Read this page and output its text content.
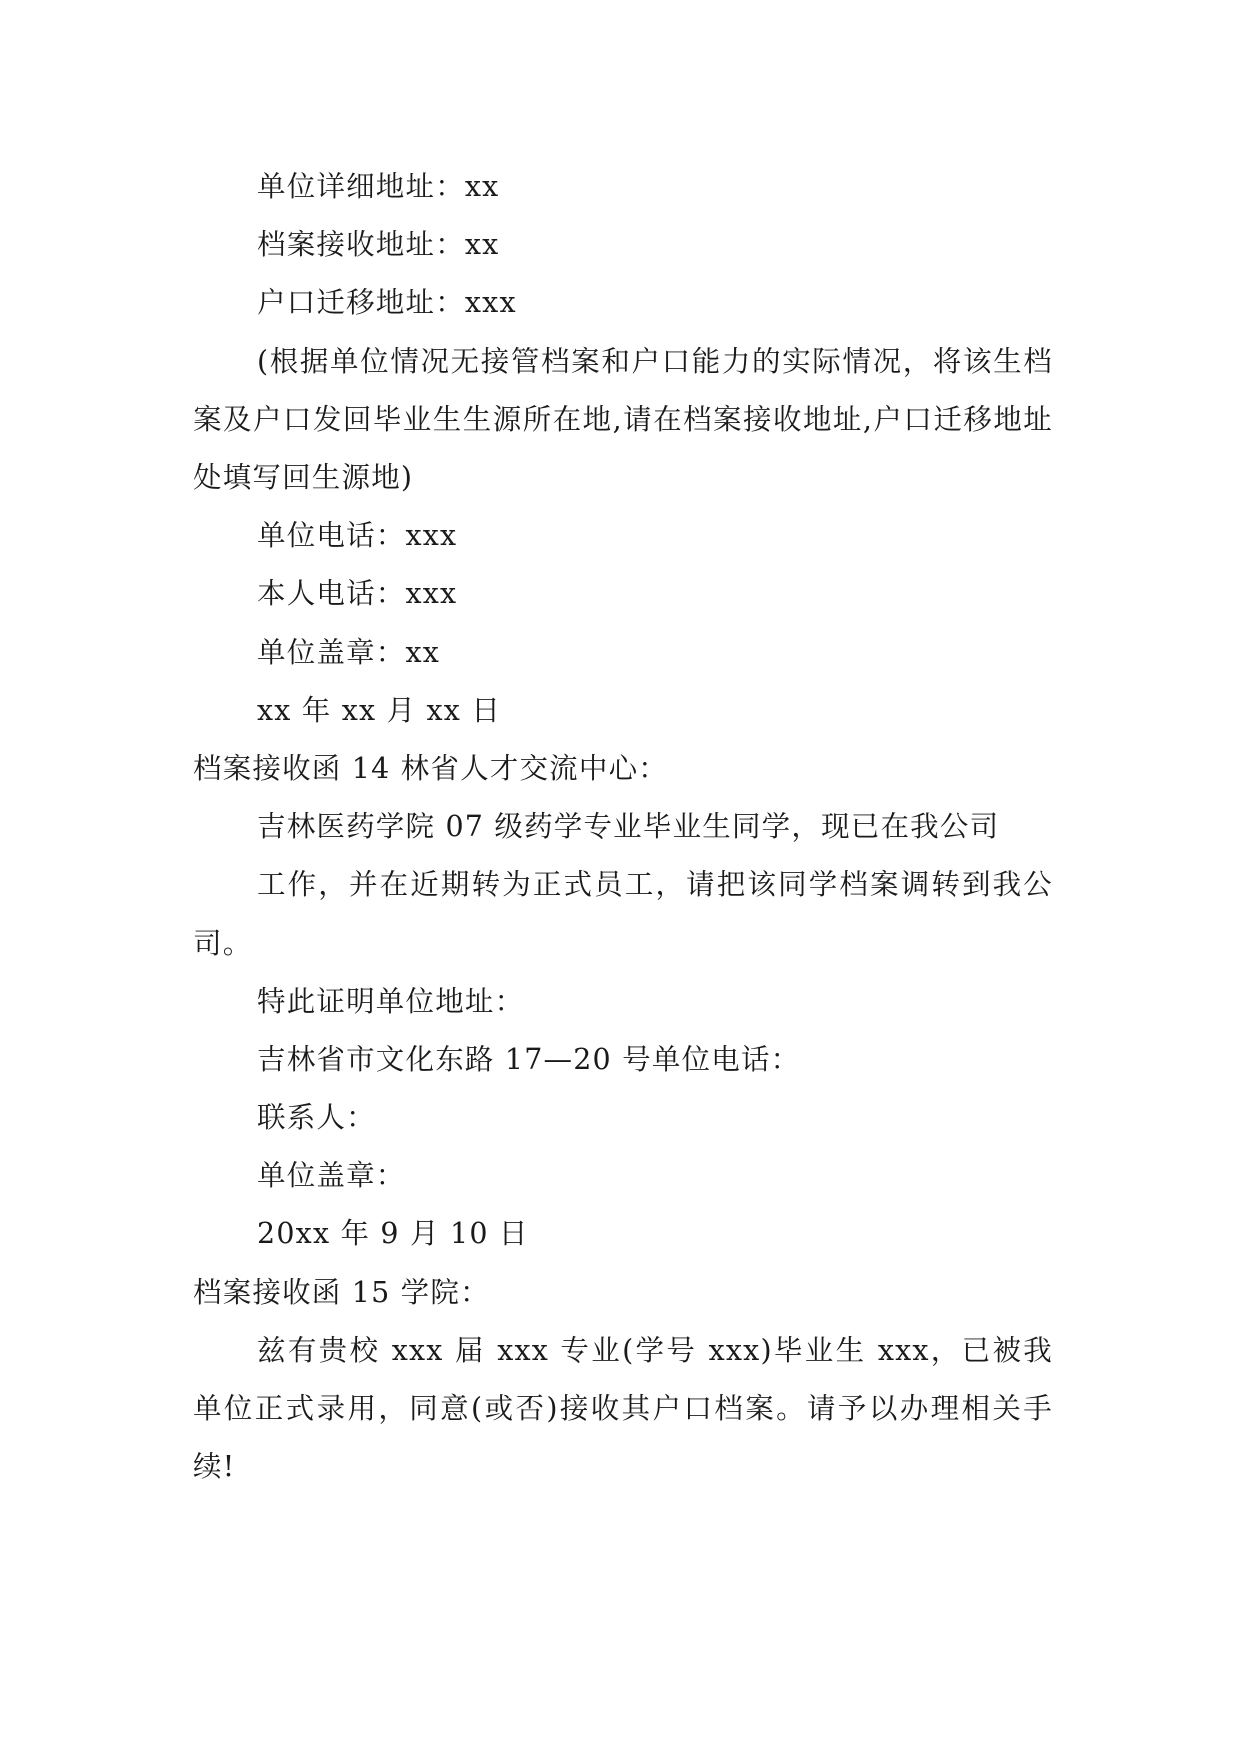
单位详细地址：xx
档案接收地址：xx
户口迁移地址：xxx
(根据单位情况无接管档案和户口能力的实际情况，将该生档案及户口发回毕业生生源所在地,请在档案接收地址,户口迁移地址处填写回生源地)
单位电话：xxx
本人电话：xxx
单位盖章：xx
xx 年 xx 月 xx 日
档案接收函 14 林省人才交流中心：
吉林医药学院 07 级药学专业毕业生同学，现已在我公司
工作，并在近期转为正式员工，请把该同学档案调转到我公司。
特此证明单位地址：
吉林省市文化东路 17—20 号单位电话：
联系人：
单位盖章：
20xx 年 9 月 10 日
档案接收函 15 学院：
兹有贵校 xxx 届 xxx 专业(学号 xxx)毕业生 xxx，已被我单位正式录用，同意(或否)接收其户口档案。请予以办理相关手续!
